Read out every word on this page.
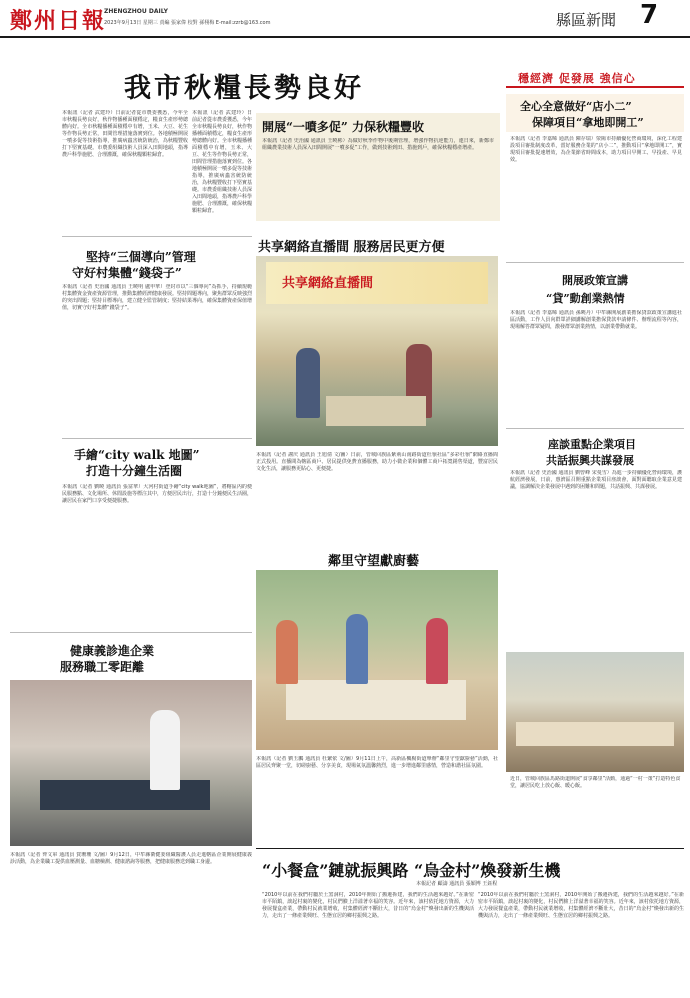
鄭州日報
ZHENGZHOU DAILY
2023年9月13日 星期三 責編 張家偉 校對 孫栩梅 E-mail:zzrb@163.com	縣區新聞 7
我市秋糧長勢良好	穩經濟 促發展 強信心
本報訊（記者 武建玲）日前記者從市農委獲悉，今年全市秋糧長勢良好，秋作物播種面積穩定，糧食生產形勢總體向好。全市秋糧播種面積穩中有增，玉米、大豆、花生等作物長勢正常，田間管理措施落實到位。各地積極開展一噴多促等技術指導，推廣病蟲害統防統治，為秋糧豐收打下堅實基礎。市農委組織技術人員深入田間地頭，指導農戶科學施肥、合理灌溉，確保秋糧顆粒歸倉。
本報訊（記者 武建玲）日前記者從市農委獲悉，今年全市秋糧長勢良好，秋作物播種面積穩定，糧食生產形勢總體向好。全市秋糧播種面積穩中有增，玉米、大豆、花生等作物長勢正常，田間管理措施落實到位。各地積極開展一噴多促等技術指導，推廣病蟲害統防統治，為秋糧豐收打下堅實基礎。市農委組織技術人員深入田間地頭，指導農戶科學施肥、合理灌溉，確保秋糧顆粒歸倉。
開展“一噴多促” 力保秋糧豐收
本報訊（記者 史治國 通訊員 王曉彬）為做好秋季作物中後期管理，增強作物抗逆能力，連日來，新鄭市組織農業技術人員深入田間開展“一噴多促”工作，做到技術到田、措施到戶，確保秋糧穩產增產。
全心全意做好“店小二”
保障項目“拿地即開工”
本報訊（記者 李嘉晞 通訊員 陳存瑞）滎陽市持續優化營商環境，深化工程建設項目審批制度改革，當好服務企業的“店小二”，推動項目“拿地即開工”，實現項目審批提速增效，為企業節省時間成本，助力項目早開工、早投產、早見效。
堅持“三個導向”管理
守好村集體“錢袋子”
本報訊（記者 史治國 通訊員 王曉明 盧申華）登封市以“三個導向”為抓手，持續規範村集體資金資產資源管理，推動集體經濟健康發展。堅持問題導向，聚焦群眾反映強烈的突出問題；堅持目標導向，建立健全監管制度；堅持結果導向，確保集體資產保值增值，切實守好村集體“錢袋子”。
共享網絡直播間 服務居民更方便
共享網絡直播間	開展政策宣講
“貸”動創業熱情
本報訊（記者 李嘉晞 通訊員 孫曉丹）中牟縣開展創業擔保貸款政策宣講進社區活動，工作人員向群眾詳細講解創業擔保貸款申請條件、辦理流程等內容，現場解答群眾疑問，激發群眾創業熱情，以創業帶動就業。
座談重點企業項目
共話振興共謀發展
本報訊（記者 史治國 通訊員 劉曾峰 宋曼雪）為進一步持續優化營商環境，護航經濟發展，日前，惠濟區召開重點企業項目座談會，面對面聽取企業意見建議，協調解決企業發展中遇到的困難和問題，共話振興、共謀發展。
手繪“city walk 地圖”
打造十分鐘生活圈
本報訊（記者 劉曉 通訊員 張富華）大河村街道手繪“city walk地圖”，將轄區內的便民服務點、文化場所、休閒設施等標注其中，方便居民出行，打造十分鐘便民生活圈，讓居民在家門口享受便捷服務。
本報訊（記者 謝庆 通訊員 王旭倩 文/圖）日前，管城回族區紫荊山南路街道杜嶺社區“多彩杜嶺”網絡直播間正式投用。直播間為轄區商戶、居民提供免費直播服務，助力小微企業和個體工商戶拓寬銷售渠道，豐富居民文化生活，讓服務更貼心、更便捷。
鄰里守望獻廚藝
本報訊（記者 劉玉鵬 通訊員 杜繁依 文/圖）9月11日上午，高新區楓楊街道舉辦“鄰里守望獻廚藝”活動，社區居民齊聚一堂，切磋廚藝、分享美食，現場氣氛溫馨熱烈，進一步增進鄰里感情，營造和諧社區氛圍。
健康義診進企業
服務職工零距離
本報訊（記者 齊文軍 通訊員 賀珊珊 文/圖）9月12日，中牟縣衛健委組織醫護人員走進轄區企業開展健康義診活動，為企業職工提供血壓測量、血糖檢測、健康諮詢等服務，把健康服務送到職工身邊。
近日，管城回族區馬路街道開展“食享鄰里”活動，通過“一村一策”打造特色食堂，讓居民吃上放心飯、暖心飯。
“小餐盒”鏈就振興路 “烏金村”煥發新生機
本報記者 顧濤 通訊員 張穎博 王鈺程
“2010年以前在我們村屬於土窯洞村，2010年開始了搬遷拆建，我們的生活越來越好。”在新密市平陌鎮，談起村裏的變化，村民們臉上洋溢著幸福的笑容。近年來，該村依托地方資源，大力發展餐盒產業，帶動村民就業增收，村集體經濟不斷壯大，昔日的“烏金村”煥發出新的生機與活力，走出了一條產業興旺、生態宜居的鄉村振興之路。
“2010年以前在我們村屬於土窯洞村，2010年開始了搬遷拆建，我們的生活越來越好。”在新密市平陌鎮，談起村裏的變化，村民們臉上洋溢著幸福的笑容。近年來，該村依托地方資源，大力發展餐盒產業，帶動村民就業增收，村集體經濟不斷壯大，昔日的“烏金村”煥發出新的生機與活力，走出了一條產業興旺、生態宜居的鄉村振興之路。
